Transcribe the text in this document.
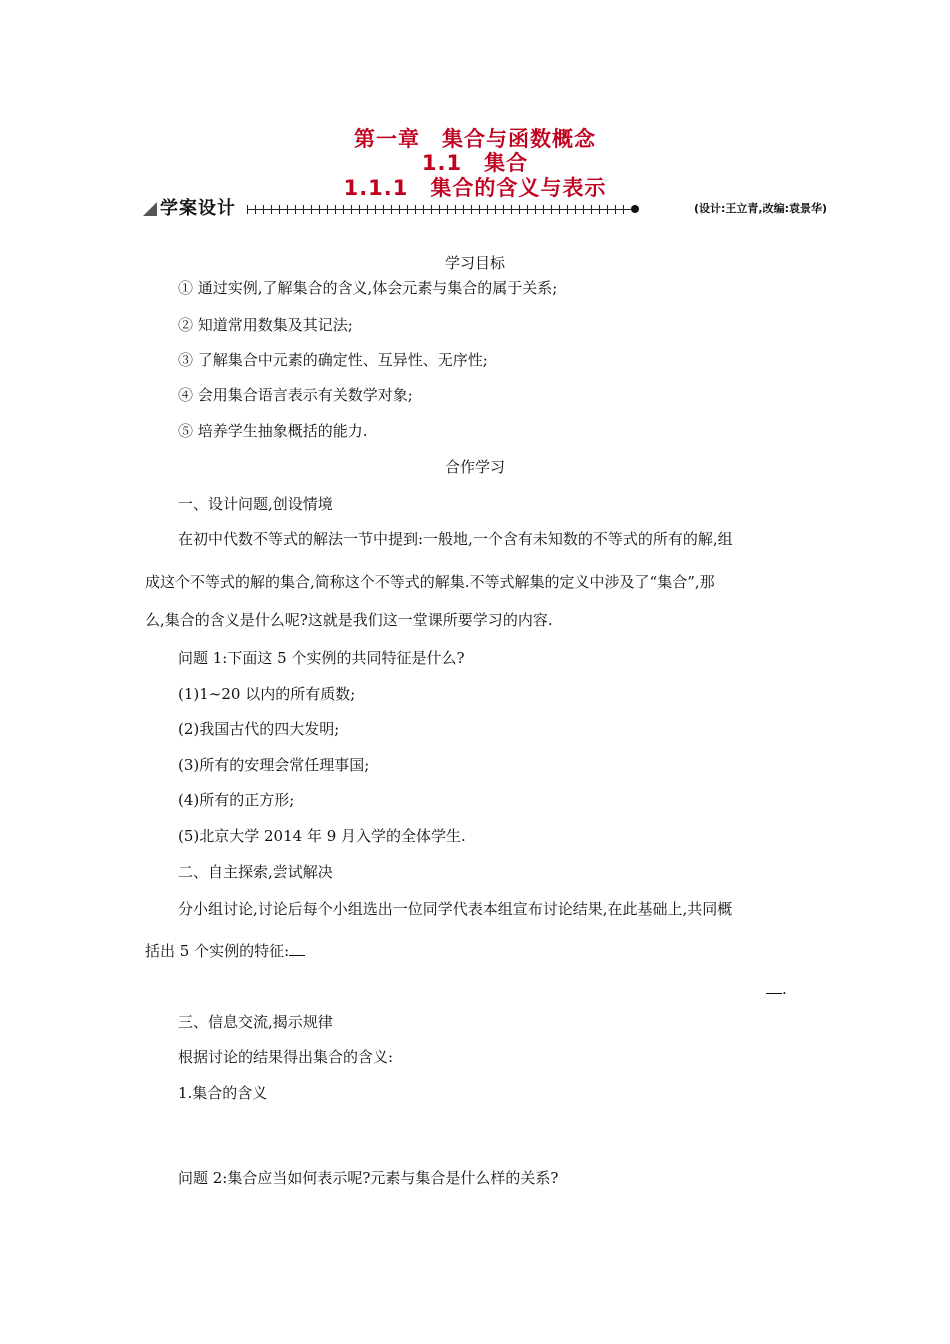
第一章　集合与函数概念
1.1　集合
1.1.1　集合的含义与表示
学案设计	(设计:王立青,改编:袁景华)
学习目标
① 通过实例,了解集合的含义,体会元素与集合的属于关系;
② 知道常用数集及其记法;
③ 了解集合中元素的确定性、互异性、无序性;
④ 会用集合语言表示有关数学对象;
⑤ 培养学生抽象概括的能力.
合作学习
一、设计问题,创设情境
在初中代数不等式的解法一节中提到:一般地,一个含有未知数的不等式的所有的解,组
成这个不等式的解的集合,简称这个不等式的解集.不等式解集的定义中涉及了“集合”,那
么,集合的含义是什么呢?这就是我们这一堂课所要学习的内容.
问题 1:下面这 5 个实例的共同特征是什么?
(1)1~20 以内的所有质数;
(2)我国古代的四大发明;
(3)所有的安理会常任理事国;
(4)所有的正方形;
(5)北京大学 2014 年 9 月入学的全体学生.
二、自主探索,尝试解决
分小组讨论,讨论后每个小组选出一位同学代表本组宣布讨论结果,在此基础上,共同概
括出 5 个实例的特征:
.
三、信息交流,揭示规律
根据讨论的结果得出集合的含义:
1.集合的含义
问题 2:集合应当如何表示呢?元素与集合是什么样的关系?
